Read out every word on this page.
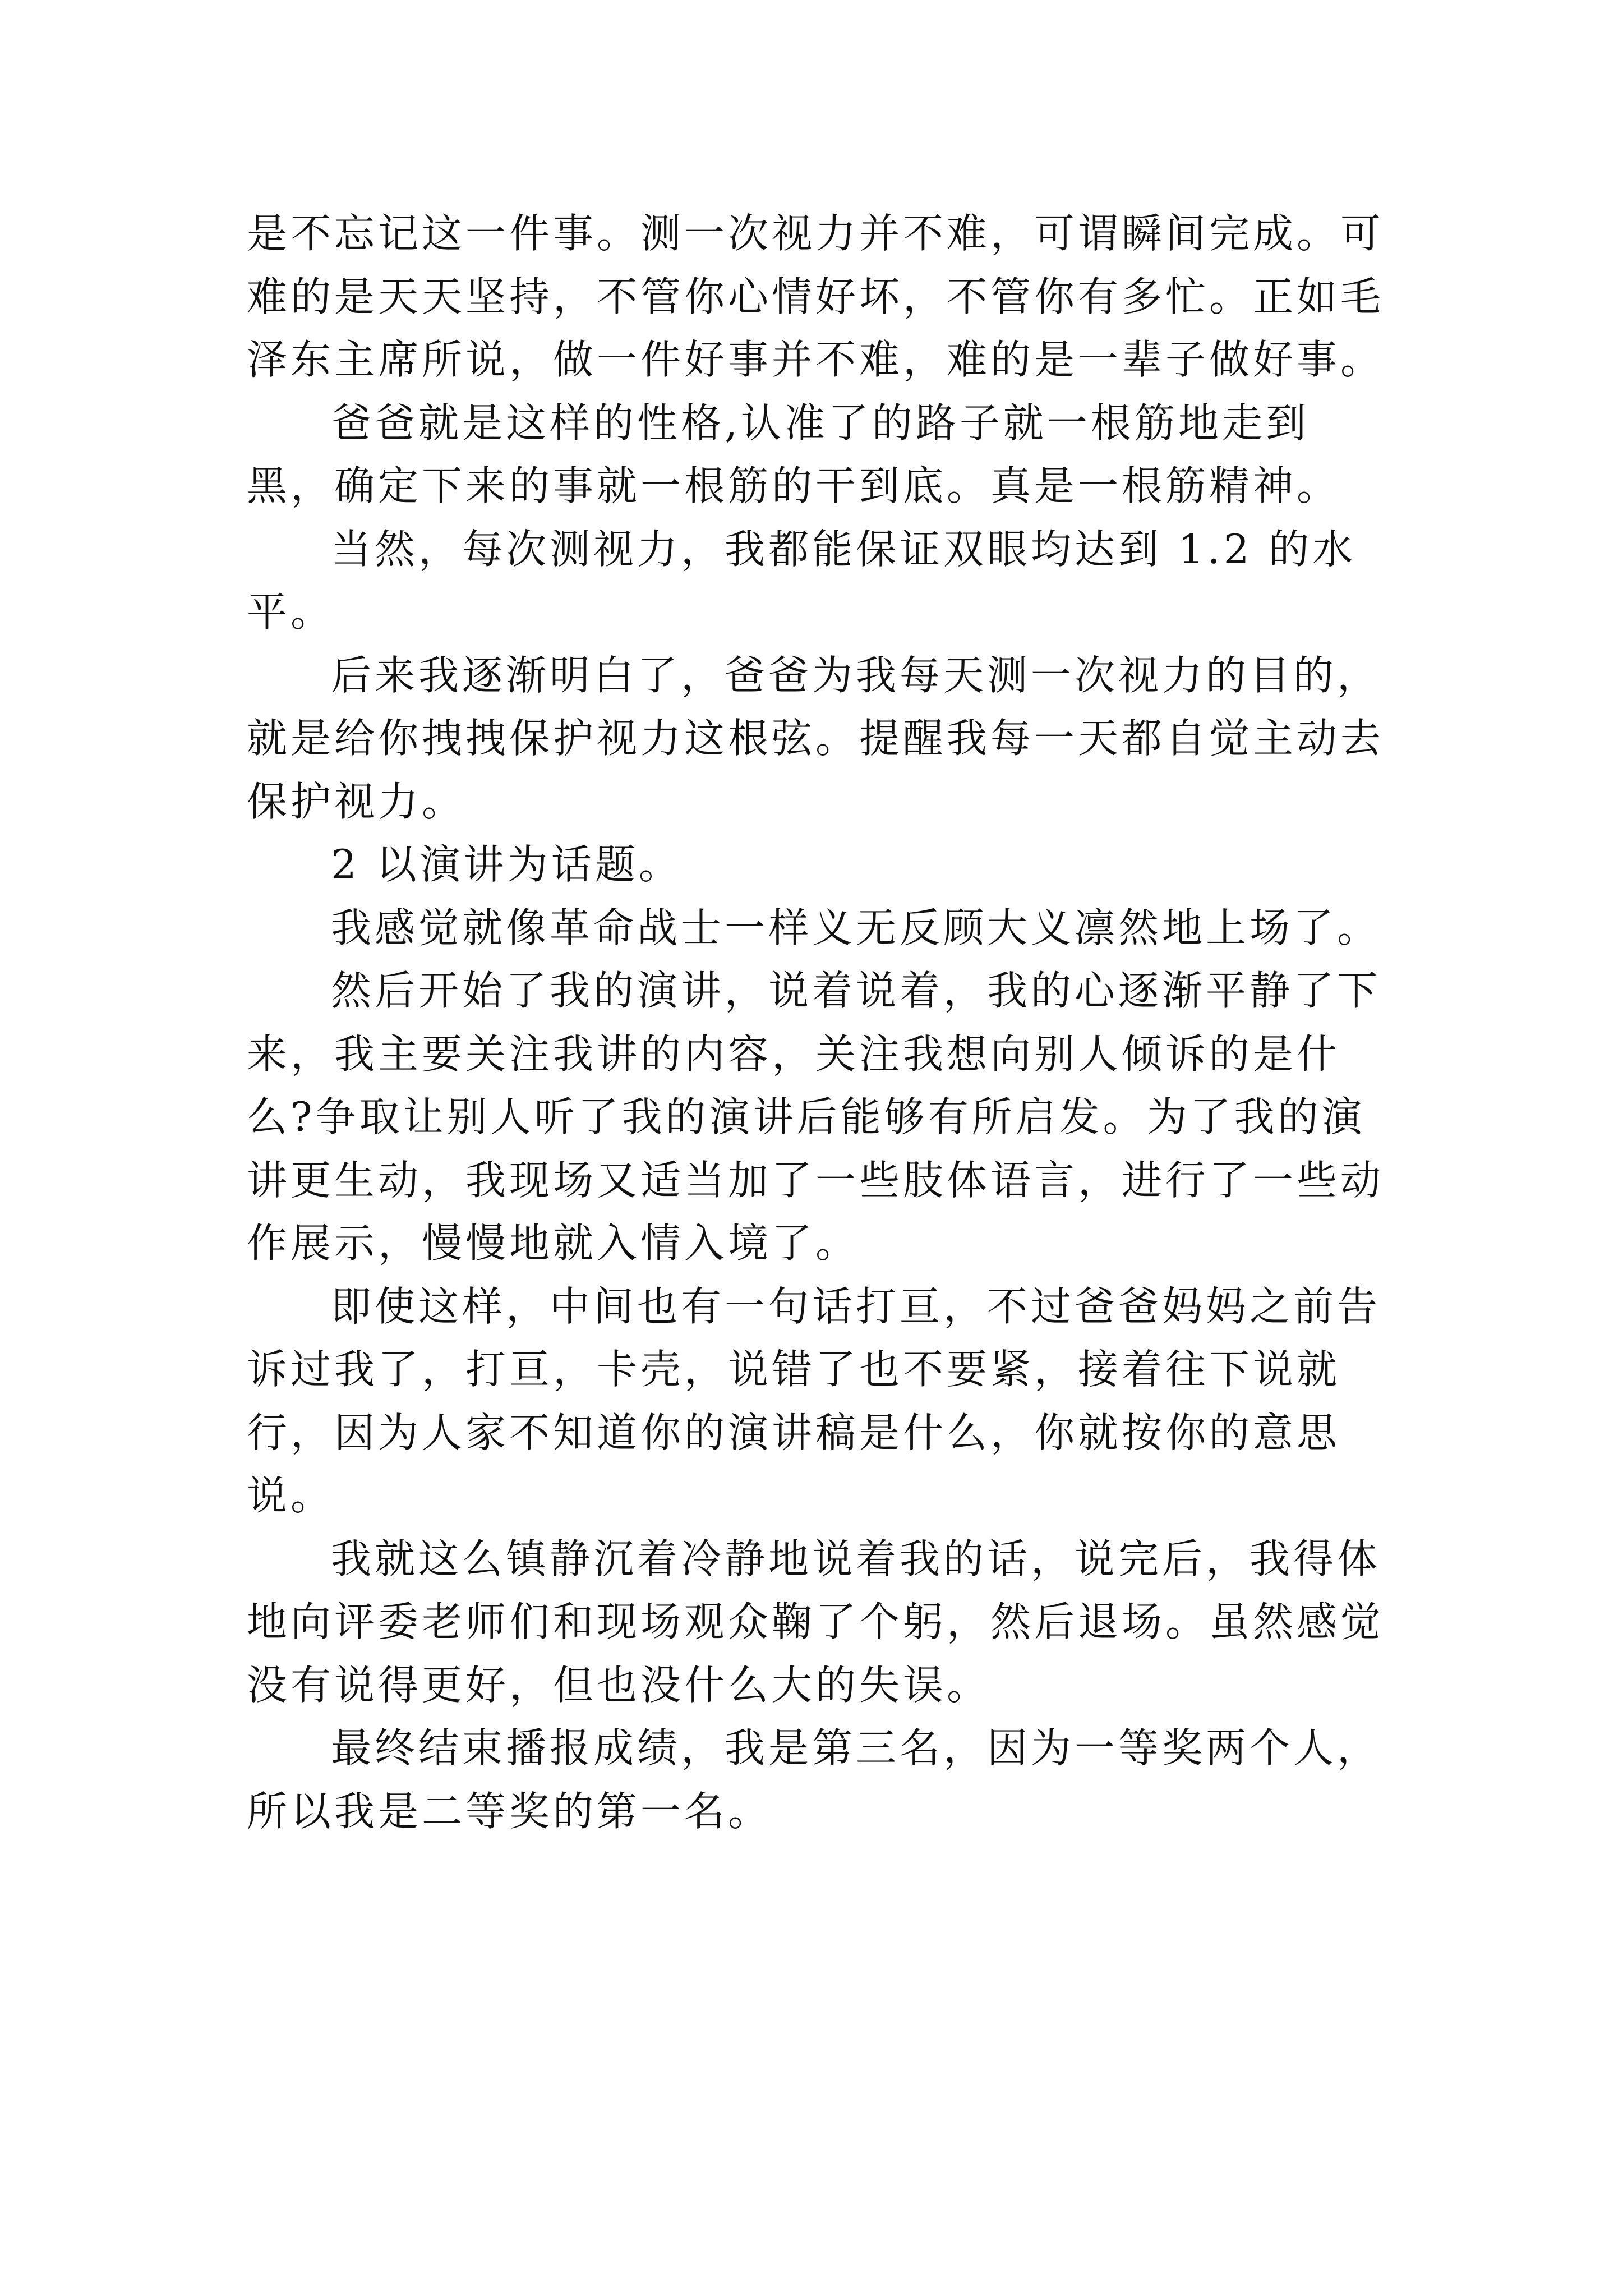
是不忘记这一件事。测一次视力并不难，可谓瞬间完成。可难的是天天坚持，不管你心情好坏，不管你有多忙。正如毛泽东主席所说，做一件好事并不难，难的是一辈子做好事。

爸爸就是这样的性格,认准了的路子就一根筋地走到黑，确定下来的事就一根筋的干到底。真是一根筋精神。

当然，每次测视力，我都能保证双眼均达到 1.2 的水平。

后来我逐渐明白了，爸爸为我每天测一次视力的目的，就是给你拽拽保护视力这根弦。提醒我每一天都自觉主动去保护视力。

2 以演讲为话题。

我感觉就像革命战士一样义无反顾大义凛然地上场了。

然后开始了我的演讲，说着说着，我的心逐渐平静了下来，我主要关注我讲的内容，关注我想向别人倾诉的是什么?争取让别人听了我的演讲后能够有所启发。为了我的演讲更生动，我现场又适当加了一些肢体语言，进行了一些动作展示，慢慢地就入情入境了。

即使这样，中间也有一句话打亘，不过爸爸妈妈之前告诉过我了，打亘，卡壳，说错了也不要紧，接着往下说就行，因为人家不知道你的演讲稿是什么，你就按你的意思说。

我就这么镇静沉着冷静地说着我的话，说完后，我得体地向评委老师们和现场观众鞠了个躬，然后退场。虽然感觉没有说得更好，但也没什么大的失误。

最终结束播报成绩，我是第三名，因为一等奖两个人，所以我是二等奖的第一名。
